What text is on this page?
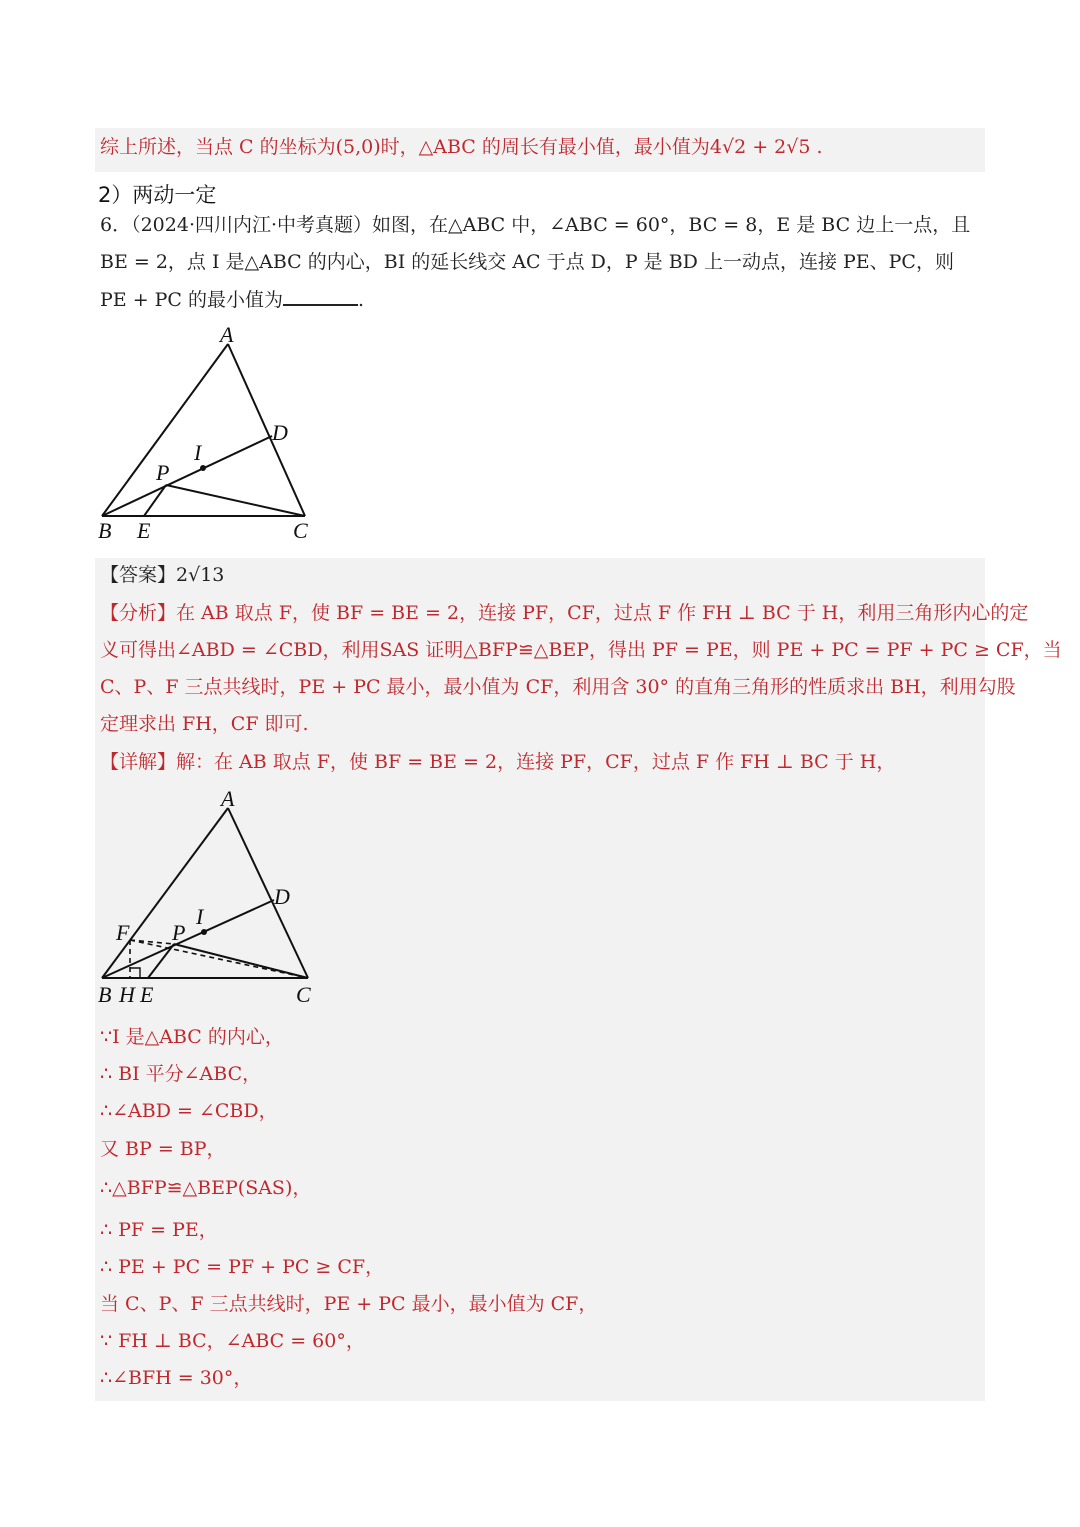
综上所述，当点 C 的坐标为(5,0)时，△ABC 的周长有最小值，最小值为4√2 + 2√5 .
2）两动一定
6．（2024·四川内江·中考真题）如图，在△ABC 中，∠ABC = 60°，BC = 8，E 是 BC 边上一点，且
BE = 2，点 I 是△ABC 的内心，BI 的延长线交 AC 于点 D，P 是 BD 上一动点，连接 PE、PC，则
PE + PC 的最小值为	.
A
B	C
D
E
I
P
【答案】2√13
【分析】在 AB 取点 F，使 BF = BE = 2，连接 PF，CF，过点 F 作 FH ⊥ BC 于 H，利用三角形内心的定
义可得出∠ABD = ∠CBD，利用SAS 证明△BFP≌△BEP，得出 PF = PE，则 PE + PC = PF + PC ≥ CF，当
C、P、F 三点共线时，PE + PC 最小，最小值为 CF，利用含 30° 的直角三角形的性质求出 BH，利用勾股
定理求出 FH，CF 即可.
【详解】解：在 AB 取点 F，使 BF = BE = 2，连接 PF，CF，过点 F 作 FH ⊥ BC 于 H，
A
B H E	C
D
F
I
P
∵I 是△ABC 的内心，
∴ BI 平分∠ABC，
∴∠ABD = ∠CBD，
又 BP = BP，
∴△BFP≌△BEP(SAS)，
∴ PF = PE，
∴ PE + PC = PF + PC ≥ CF，
当 C、P、F 三点共线时，PE + PC 最小，最小值为 CF，
∵ FH ⊥ BC，∠ABC = 60°，
∴∠BFH = 30°，
